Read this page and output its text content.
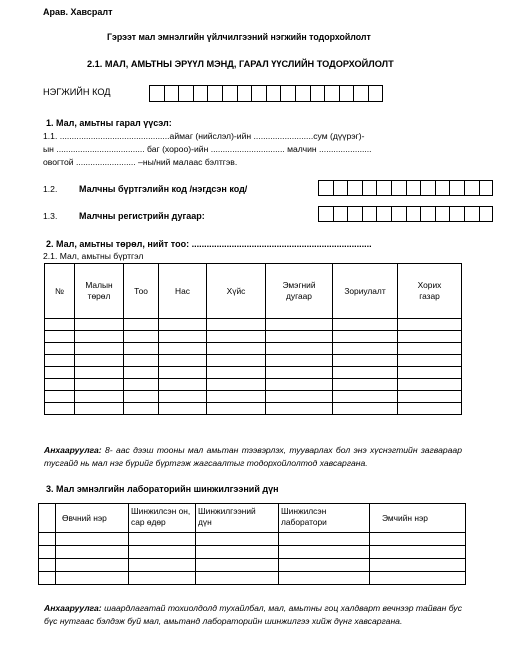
Арав. Хавсралт
Гэрээт мал эмнэлгийн үйлчилгээний нэгжийн тодорхойлолт
2.1. МАЛ, АМЬТНЫ ЭРҮҮЛ МЭНД, ГАРАЛ ҮҮСЛИЙН ТОДОРХОЙЛОЛТ
НЭГЖИЙН КОД
1. Мал, амьтны гарал үүсэл:
1.1. ..............................................аймаг (нийслэл)-ийн .........................сум (дүүрэг)-
ын ..................................... баг (хороо)-ийн ............................... малчин ......................
овогтой ......................... –ны/ний малаас бэлтгэв.
1.2. Малчны бүртгэлийн код /нэгдсэн код/
1.3. Малчны регистрийн дугаар:
2. Мал, амьтны төрөл, нийт тоо: ........................................................................
2.1. Мал, амьтны бүртгэл
№	Малын төрөл	Тоо	Нас	Хүйс	Эмэгний дугаар	Зориулалт	Хорих газар

Анхааруулга: 8- аас дээш тооны мал амьтан тээвэрлэх, тууварлах бол энэ хүснэгтийн загвараар тусгайд нь мал нэг бүрийг бүртгэж жагсаалтыг тодорхойлолтод хавсаргана.
3. Мал эмнэлгийн лабораторийн шинжилгээний дүн
	Өвчний нэр	Шинжилсэн он, сар өдөр	Шинжилгээний дүн	Шинжилсэн лаборатори	Эмчийн нэр

Анхааруулга: шаардлагатай тохиолдолд тухайлбал, мал, амьтны гоц халдварт вечнээр тайван бус бүс нутгаас бэлдэж буй мал, амьтанд лабораторийн шинжилгээ хийж дүнг хавсаргана.
